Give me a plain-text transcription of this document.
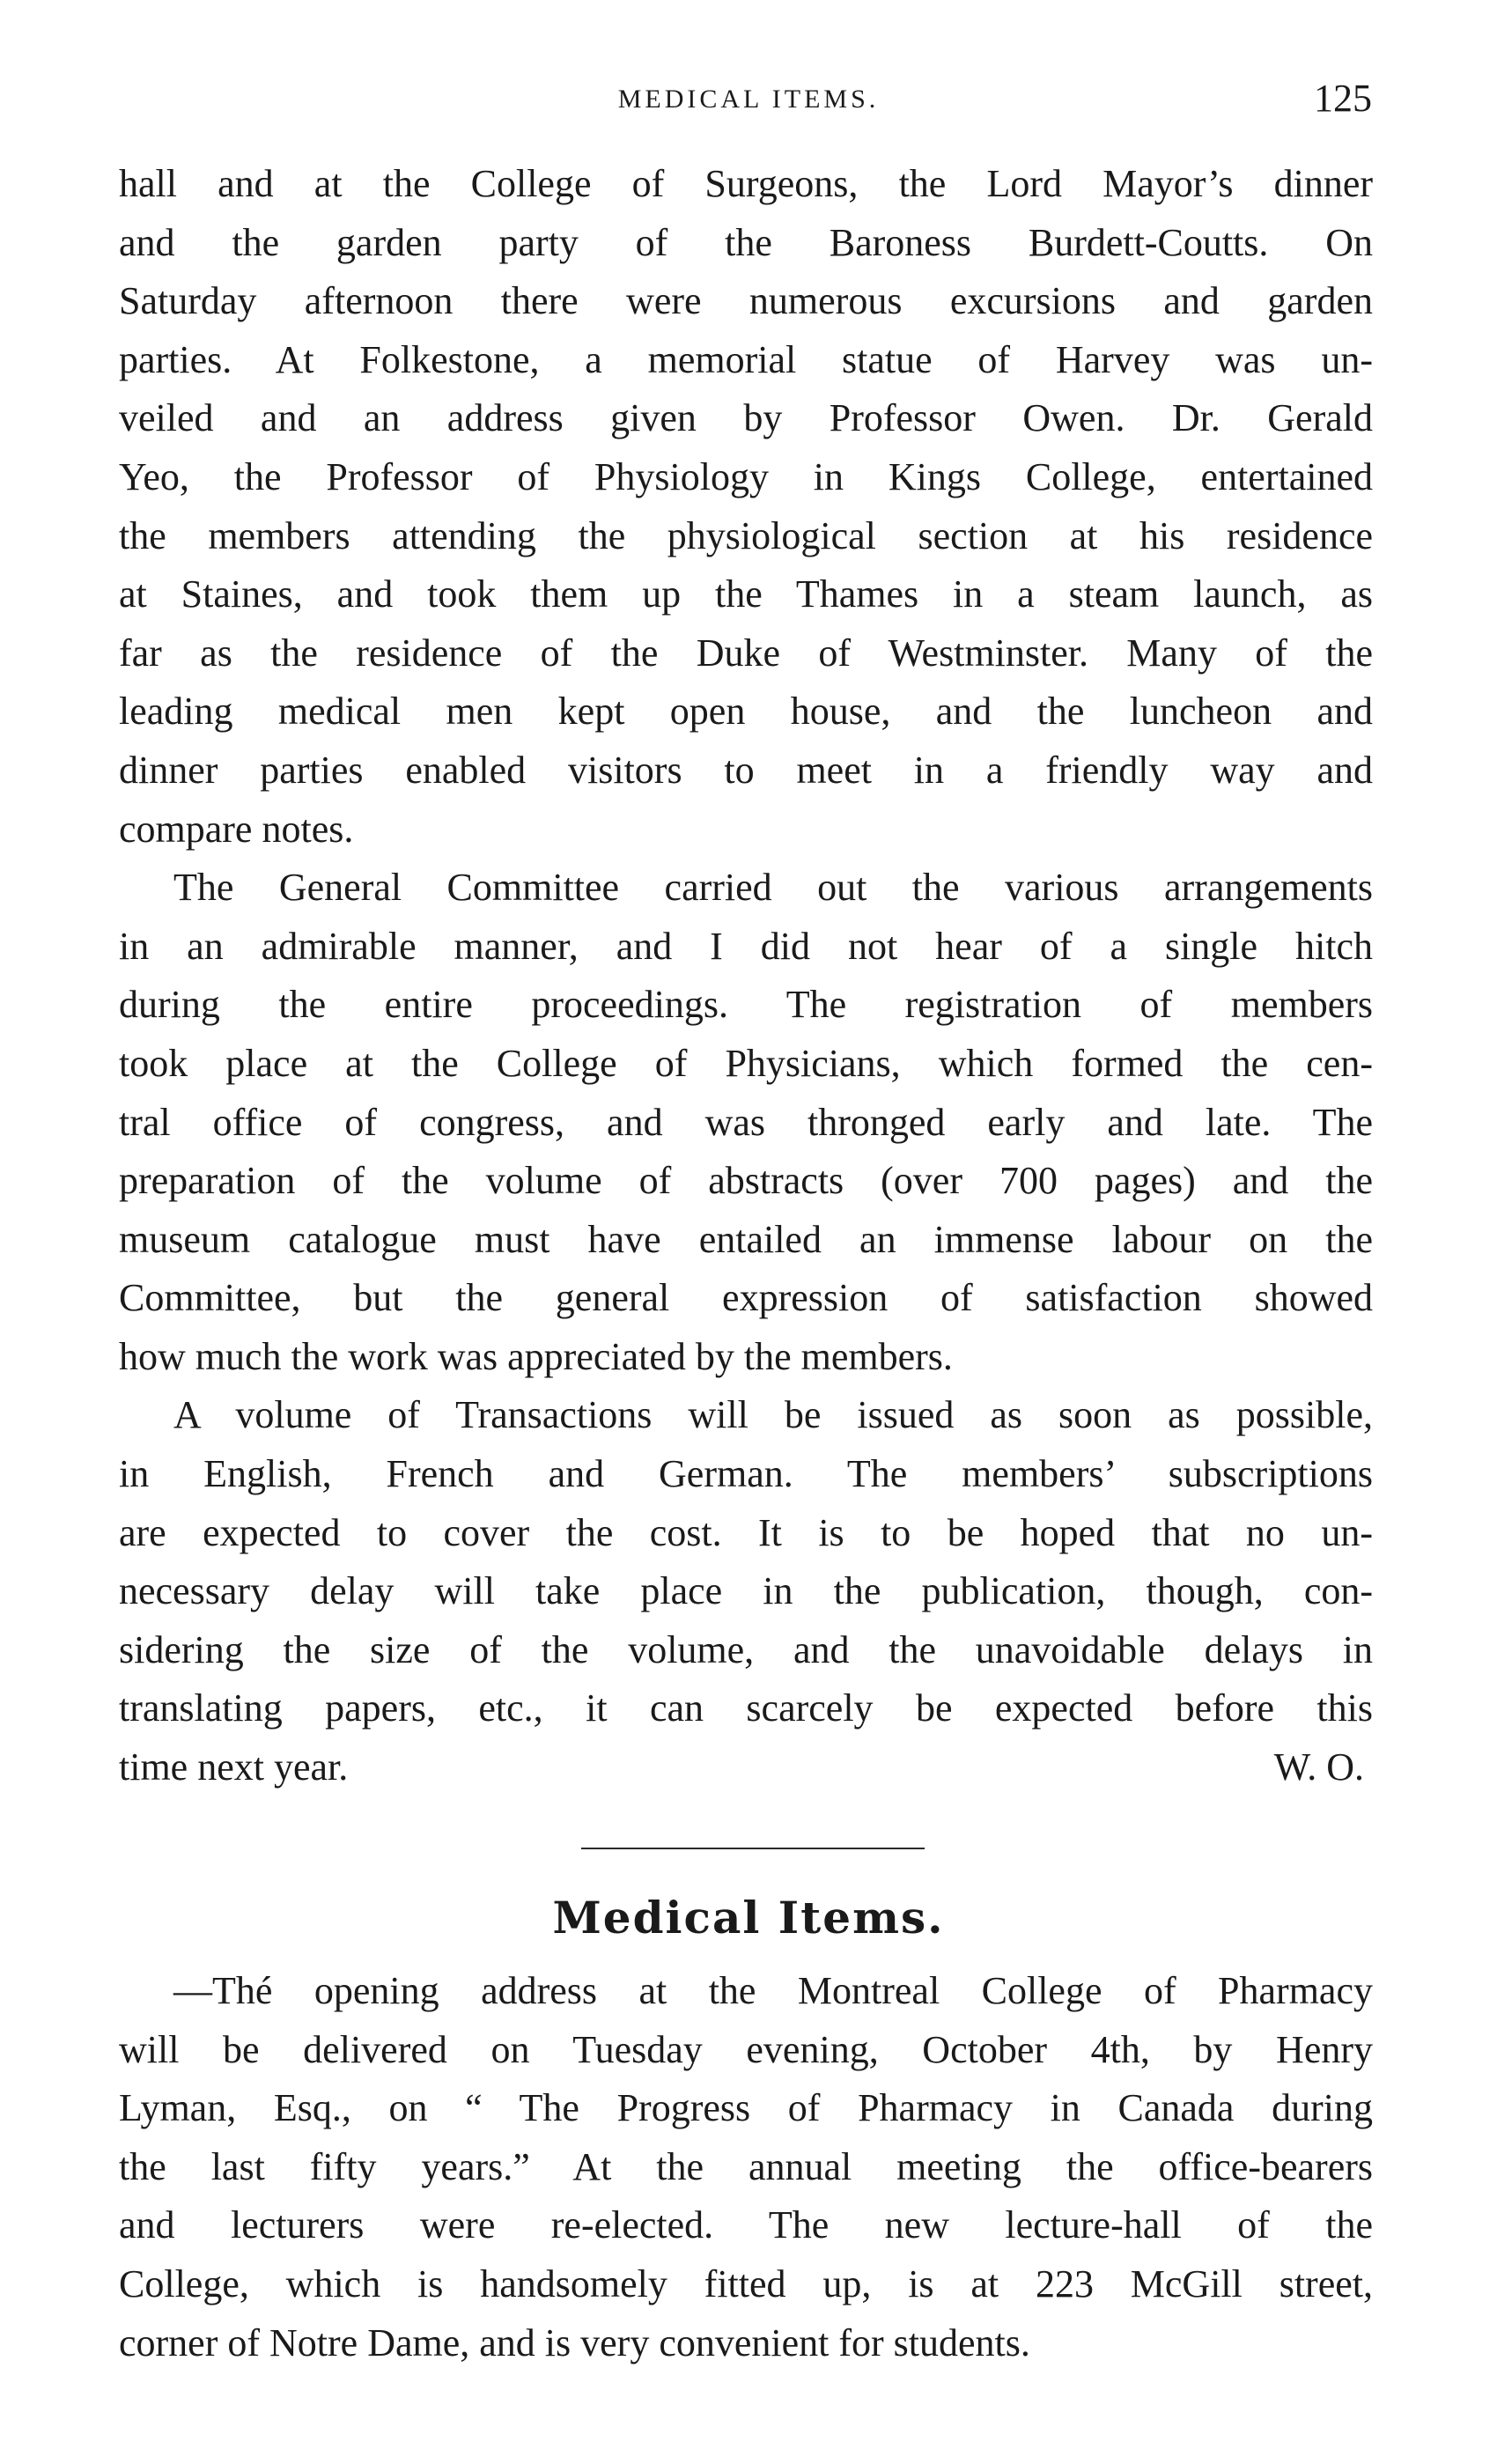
MEDICAL ITEMS.	125
hall and at the College of Surgeons, the Lord Mayor’s dinner
and the garden party of the Baroness Burdett-Coutts. On
Saturday afternoon there were numerous excursions and garden
parties. At Folkestone, a memorial statue of Harvey was un-
veiled and an address given by Professor Owen. Dr. Gerald
Yeo, the Professor of Physiology in Kings College, entertained
the members attending the physiological section at his residence
at Staines, and took them up the Thames in a steam launch, as
far as the residence of the Duke of Westminster. Many of the
leading medical men kept open house, and the luncheon and
dinner parties enabled visitors to meet in a friendly way and
compare notes.
The General Committee carried out the various arrangements
in an admirable manner, and I did not hear of a single hitch
during the entire proceedings. The registration of members
took place at the College of Physicians, which formed the cen-
tral office of congress, and was thronged early and late. The
preparation of the volume of abstracts (over 700 pages) and the
museum catalogue must have entailed an immense labour on the
Committee, but the general expression of satisfaction showed
how much the work was appreciated by the members.
A volume of Transactions will be issued as soon as possible,
in English, French and German. The members’ subscriptions
are expected to cover the cost. It is to be hoped that no un-
necessary delay will take place in the publication, though, con-
sidering the size of the volume, and the unavoidable delays in
translating papers, etc., it can scarcely be expected before this
time next year.	W. O.
Medical Items.
—Thé opening address at the Montreal College of Pharmacy
will be delivered on Tuesday evening, October 4th, by Henry
Lyman, Esq., on “ The Progress of Pharmacy in Canada during
the last fifty years.” At the annual meeting the office-bearers
and lecturers were re-elected. The new lecture-hall of the
College, which is handsomely fitted up, is at 223 McGill street,
corner of Notre Dame, and is very convenient for students.
